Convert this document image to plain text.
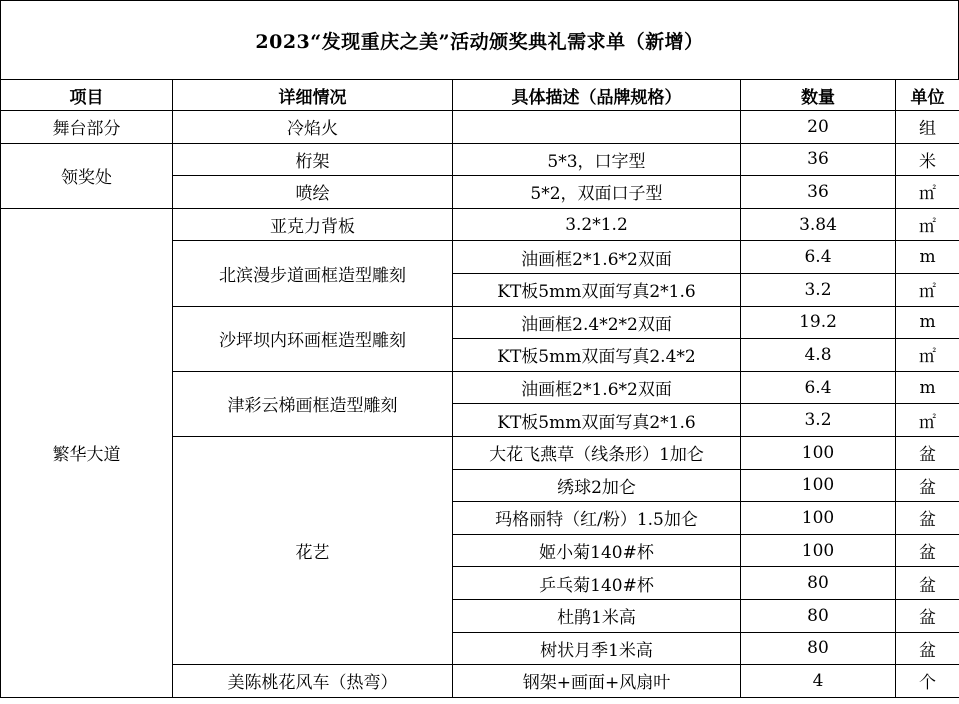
2023“发现重庆之美”活动颁奖典礼需求单（新增）
项目	详细情况	具体描述（品牌规格）	数量	单位
舞台部分	冷焰火		20	组
领奖处	桁架	5*3，口字型	36	米
	喷绘	5*2，双面口子型	36	㎡
繁华大道	亚克力背板	3.2*1.2	3.84	㎡
	北滨漫步道画框造型雕刻	油画框2*1.6*2双面	6.4	m
		KT板5mm双面写真2*1.6	3.2	㎡
	沙坪坝内环画框造型雕刻	油画框2.4*2*2双面	19.2	m
		KT板5mm双面写真2.4*2	4.8	㎡
	津彩云梯画框造型雕刻	油画框2*1.6*2双面	6.4	m
		KT板5mm双面写真2*1.6	3.2	㎡
	花艺	大花飞燕草（线条形）1加仑	100	盆
		绣球2加仑	100	盆
		玛格丽特（红/粉）1.5加仑	100	盆
		姬小菊140#杯	100	盆
		乒乓菊140#杯	80	盆
		杜鹃1米高	80	盆
		树状月季1米高	80	盆
	美陈桃花风车（热弯）	钢架+画面+风扇叶	4	个
